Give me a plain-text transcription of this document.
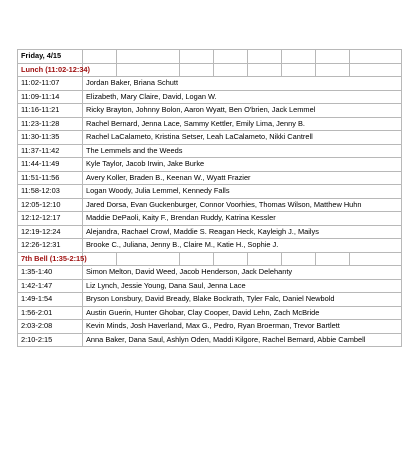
Friday, 4/15								
Lunch (11:02-12:34)								
11:02-11:07	Jordan Baker, Briana Schutt							
11:09-11:14	Elizabeth, Mary Claire, David, Logan W.							
11:16-11:21	Ricky Brayton, Johnny Bolon, Aaron Wyatt, Ben O'brien, Jack Lemmel							
11:23-11:28	Rachel Bernard, Jenna Lace, Sammy Kettler, Emily Lima, Jenny B.							
11:30-11:35	Rachel LaCalameto, Kristina Setser, Leah LaCalameto, Nikki Cantrell							
11:37-11:42	The Lemmels and the Weeds							
11:44-11:49	Kyle Taylor, Jacob Irwin, Jake Burke							
11:51-11:56	Avery Koller, Braden B., Keenan W., Wyatt Frazier							
11:58-12:03	Logan Woody, Julia Lemmel, Kennedy Falls							
12:05-12:10	Jared Dorsa, Evan Guckenburger, Connor Voorhies, Thomas Wilson, Matthew Huhn							
12:12-12:17	Maddie DePaoli, Kaity F., Brendan Ruddy, Katrina Kessler							
12:19-12:24	Alejandra, Rachael Crowl, Maddie S. Reagan Heck, Kayleigh J., Mailys							
12:26-12:31	Brooke C., Juliana, Jenny B., Claire M., Katie H., Sophie J.							
7th Bell (1:35-2:15)								
1:35-1:40	Simon Melton, David Weed, Jacob Henderson, Jack Delehanty							
1:42-1:47	Liz Lynch, Jessie Young, Dana Saul, Jenna Lace							
1:49-1:54	Bryson Lonsbury, David Bready, Blake Bockrath, Tyler Falc, Daniel Newbold							
1:56-2:01	Austin Guerin, Hunter Ghobar, Clay Cooper, David Lehn, Zach McBride							
2:03-2:08	Kevin Minds, Josh Haverland, Max G., Pedro, Ryan Broerman, Trevor Bartlett							
2:10-2:15	Anna Baker, Dana Saul, Ashlyn Oden, Maddi Kilgore, Rachel Bernard, Abbie Cambell							
